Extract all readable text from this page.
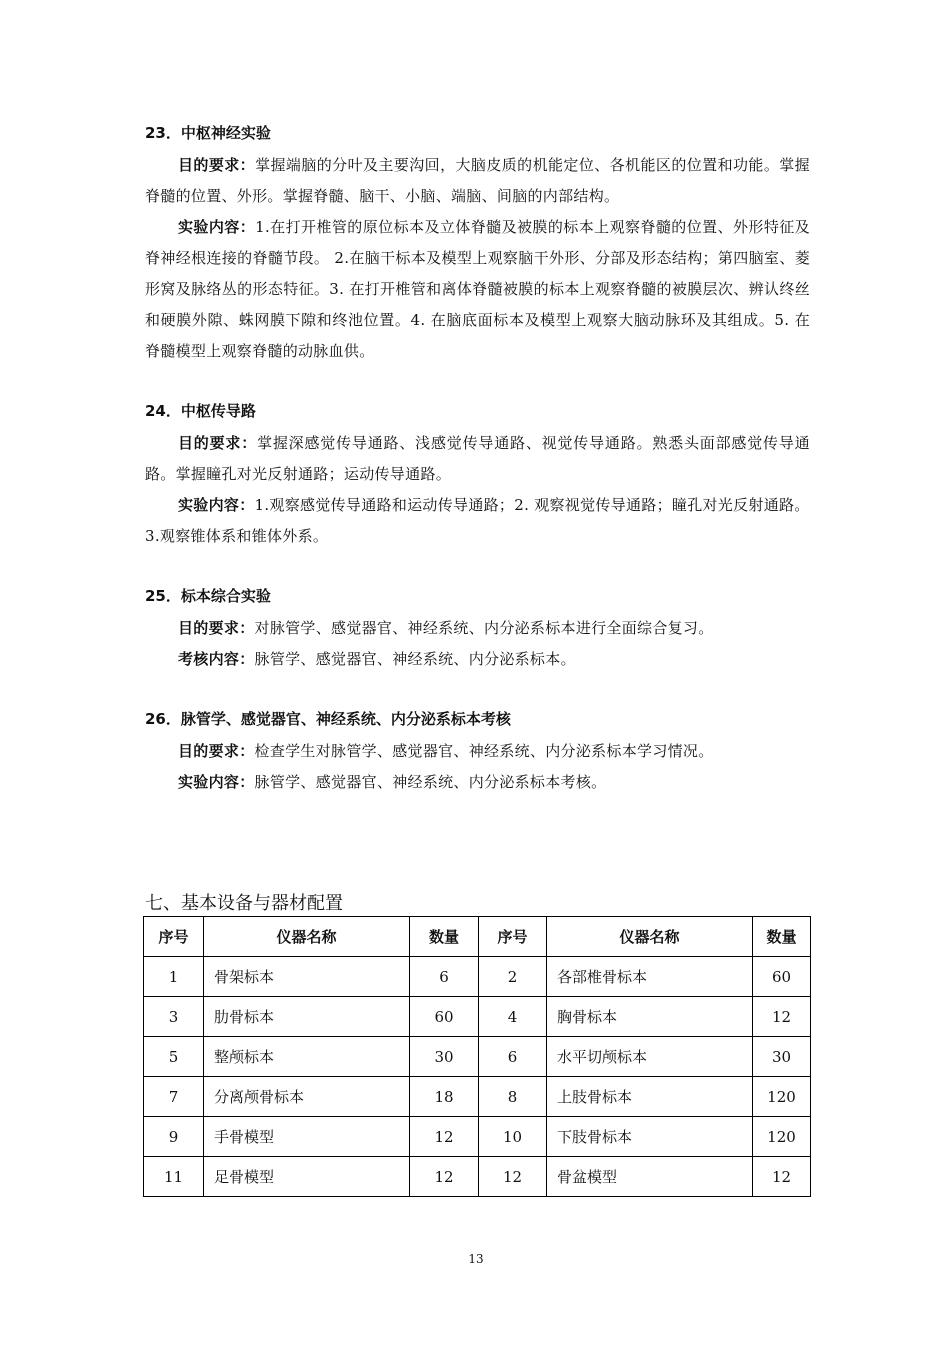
23．中枢神经实验

目的要求：掌握端脑的分叶及主要沟回，大脑皮质的机能定位、各机能区的位置和功能。掌握脊髓的位置、外形。掌握脊髓、脑干、小脑、端脑、间脑的内部结构。

实验内容：1.在打开椎管的原位标本及立体脊髓及被膜的标本上观察脊髓的位置、外形特征及脊神经根连接的脊髓节段。 2.在脑干标本及模型上观察脑干外形、分部及形态结构；第四脑室、菱形窝及脉络丛的形态特征。3. 在打开椎管和离体脊髓被膜的标本上观察脊髓的被膜层次、辨认终丝和硬膜外隙、蛛网膜下隙和终池位置。4. 在脑底面标本及模型上观察大脑动脉环及其组成。5. 在脊髓模型上观察脊髓的动脉血供。

24．中枢传导路

目的要求：掌握深感觉传导通路、浅感觉传导通路、视觉传导通路。熟悉头面部感觉传导通路。掌握瞳孔对光反射通路；运动传导通路。

实验内容：1.观察感觉传导通路和运动传导通路；2. 观察视觉传导通路；瞳孔对光反射通路。

3.观察锥体系和锥体外系。

25．标本综合实验

目的要求：对脉管学、感觉器官、神经系统、内分泌系标本进行全面综合复习。

考核内容：脉管学、感觉器官、神经系统、内分泌系标本。

26．脉管学、感觉器官、神经系统、内分泌系标本考核

目的要求：检查学生对脉管学、感觉器官、神经系统、内分泌系标本学习情况。

实验内容：脉管学、感觉器官、神经系统、内分泌系标本考核。

七、基本设备与器材配置

序号	仪器名称	数量	序号	仪器名称	数量
1	骨架标本	6	2	各部椎骨标本	60
3	肋骨标本	60	4	胸骨标本	12
5	整颅标本	30	6	水平切颅标本	30
7	分离颅骨标本	18	8	上肢骨标本	120
9	手骨模型	12	10	下肢骨标本	120
11	足骨模型	12	12	骨盆模型	12
13
